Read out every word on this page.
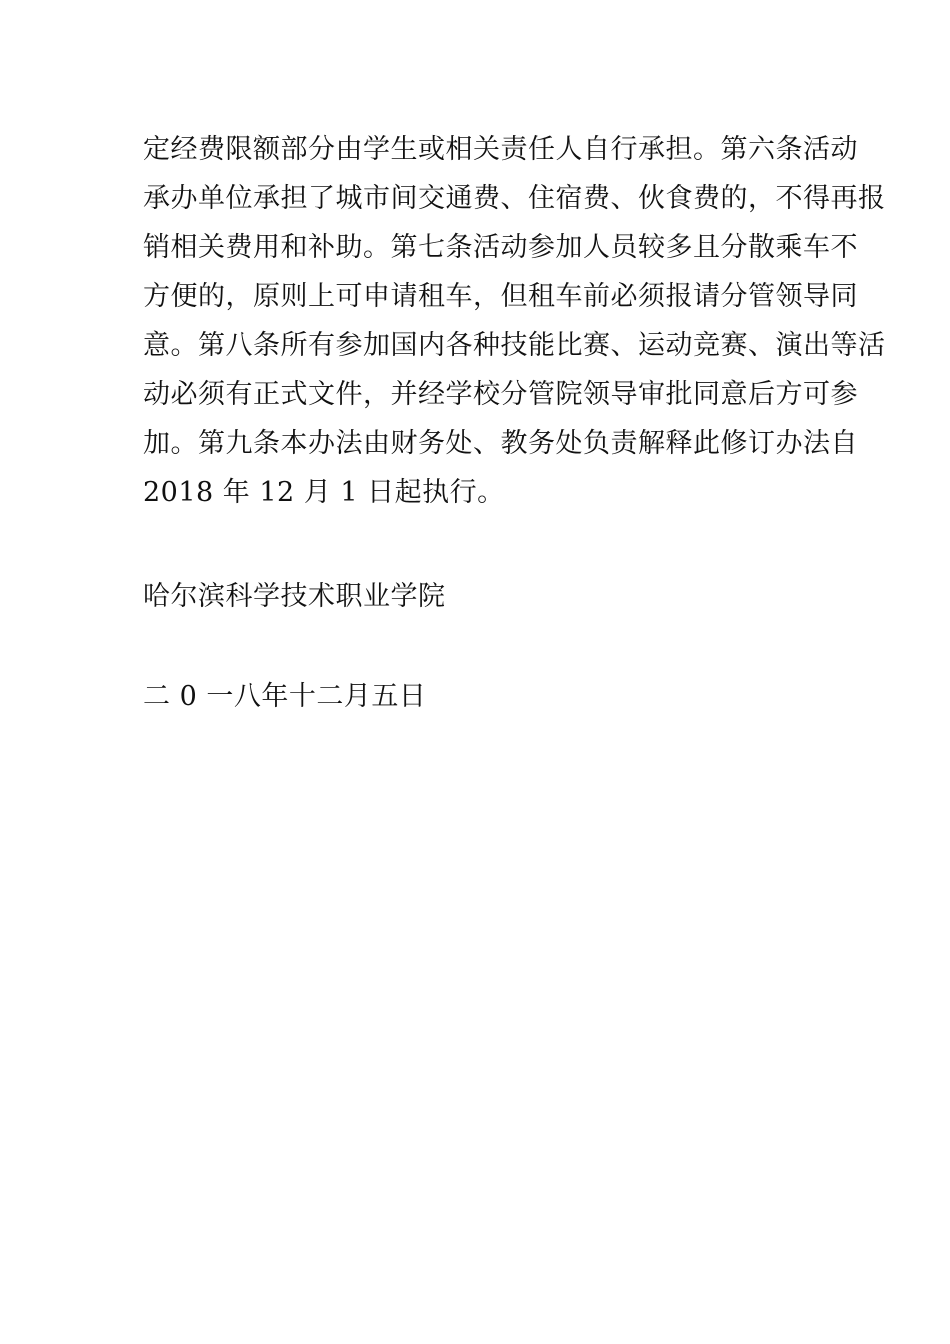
定经费限额部分由学生或相关责任人自行承担。第六条活动
承办单位承担了城市间交通费、住宿费、伙食费的，不得再报
销相关费用和补助。第七条活动参加人员较多且分散乘车不
方便的，原则上可申请租车，但租车前必须报请分管领导同
意。第八条所有参加国内各种技能比赛、运动竞赛、演出等活
动必须有正式文件，并经学校分管院领导审批同意后方可参
加。第九条本办法由财务处、教务处负责解释此修订办法自
2018 年 12 月 1 日起执行。
哈尔滨科学技术职业学院
二 0 一八年十二月五日
